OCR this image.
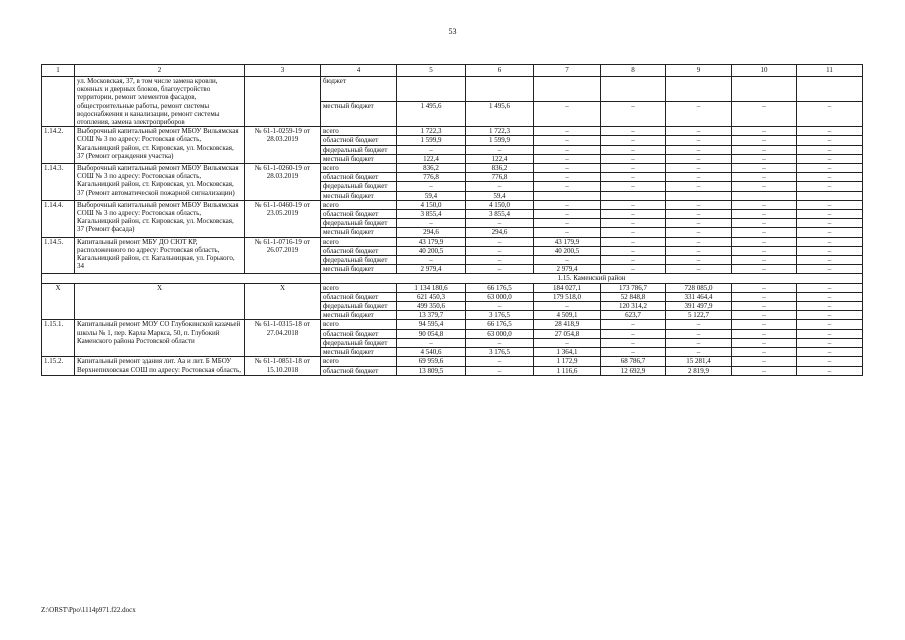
53
1	2	3	4	5	6	7	8	9	10	11
	ул. Московская, 37, в том числе замена кровли, оконных и дверных блоков, благоустройство территории, ремонт элементов фасадов, общестроительные работы, ремонт системы водоснабжения и канализации, ремонт системы отопления, замена электроприборов		бюджет							
			местный бюджет	1 495,6	1 495,6	–	–	–	–	–
1.14.2.	Выборочный капитальный ремонт МБОУ Вильямская СОШ № 3 по адресу: Ростовская область, Кагальницкий район, ст. Кировская, ул. Московская, 37 (Ремонт ограждения участка)	№ 61-1-0259-19 от 28.03.2019	всего	1 722,3	1 722,3	–	–	–	–	–
			областной бюджет	1 599,9	1 599,9	–	–	–	–	–
			федеральный бюджет	–	–	–	–	–	–	–
			местный бюджет	122,4	122,4	–	–	–	–	–
1.14.3.	Выборочный капитальный ремонт МБОУ Вильямская СОШ № 3 по адресу: Ростовская область, Кагальницкий район, ст. Кировская, ул. Московская, 37 (Ремонт автоматической пожарной сигнализации)	№ 61-1-0260-19 от 28.03.2019	всего	836,2	836,2	–	–	–	–	–
			областной бюджет	776,8	776,8	–	–	–	–	–
			федеральный бюджет	–	–	–	–	–	–	–
			местный бюджет	59,4	59,4					
1.14.4.	Выборочный капитальный ремонт МБОУ Вильямская СОШ № 3 по адресу: Ростовская область, Кагальницкий район, ст. Кировская, ул. Московская, 37 (Ремонт фасада)	№ 61-1-0460-19 от 23.05.2019	всего	4 150,0	4 150,0	–	–	–	–	–
			областной бюджет	3 855,4	3 855,4	–	–	–	–	–
			федеральный бюджет	–	–	–	–	–	–	–
			местный бюджет	294,6	294,6	–	–	–	–	–
1.14.5.	Капитальный ремонт МБУ ДО СЮТ КР, расположенного по адресу: Ростовская область, Кагальницкий район, ст. Кагальницкая, ул. Горького, 34	№ 61-1-0716-19 от 26.07.2019	всего	43 179,9	–	43 179,9	–	–	–	–
			областной бюджет	40 200,5	–	40 200,5	–	–	–	–
			федеральный бюджет	–	–	–	–	–	–	–
			местный бюджет	2 979,4	–	2 979,4	–	–	–	–
			1.15. Каменский район							
X	X	X	всего	1 134 180,6	66 176,5	184 027,1	173 786,7	728 085,0	–	–
			областной бюджет	621 450,3	63 000,0	179 518,0	52 848,8	331 464,4	–	–
			федеральный бюджет	499 350,6	–	–	120 314,2	391 497,9	–	–
			местный бюджет	13 379,7	3 176,5	4 509,1	623,7	5 122,7	–	–
1.15.1.	Капитальный ремонт МОУ СО Глубокинской казачьей школы № 1, пер. Карла Маркса, 50, п. Глубокий Каменского района Ростовской области	№ 61-1-0315-18 от 27.04.2018	всего	94 595,4	66 176,5	28 418,9	–	–	–	–
			областной бюджет	90 054,8	63 000,0	27 054,8	–	–	–	–
			федеральный бюджет	–	–	–	–	–	–	–
			местный бюджет	4 540,6	3 176,5	1 364,1	–	–	–	–
1.15.2.	Капитальный ремонт здания лит. Аа и лит. Б МБОУ Верхнепиховская СОШ по адресу: Ростовская область,	№ 61-1-0851-18 от 15.10.2018	всего	69 959,6	–	1 172,9	68 786,7	15 281,4	–	–
			областной бюджет	13 809,5	–	1 116,6	12 692,9	2 819,9	–	–
Z:\ORST\Ppo\1114p971.f22.docx
